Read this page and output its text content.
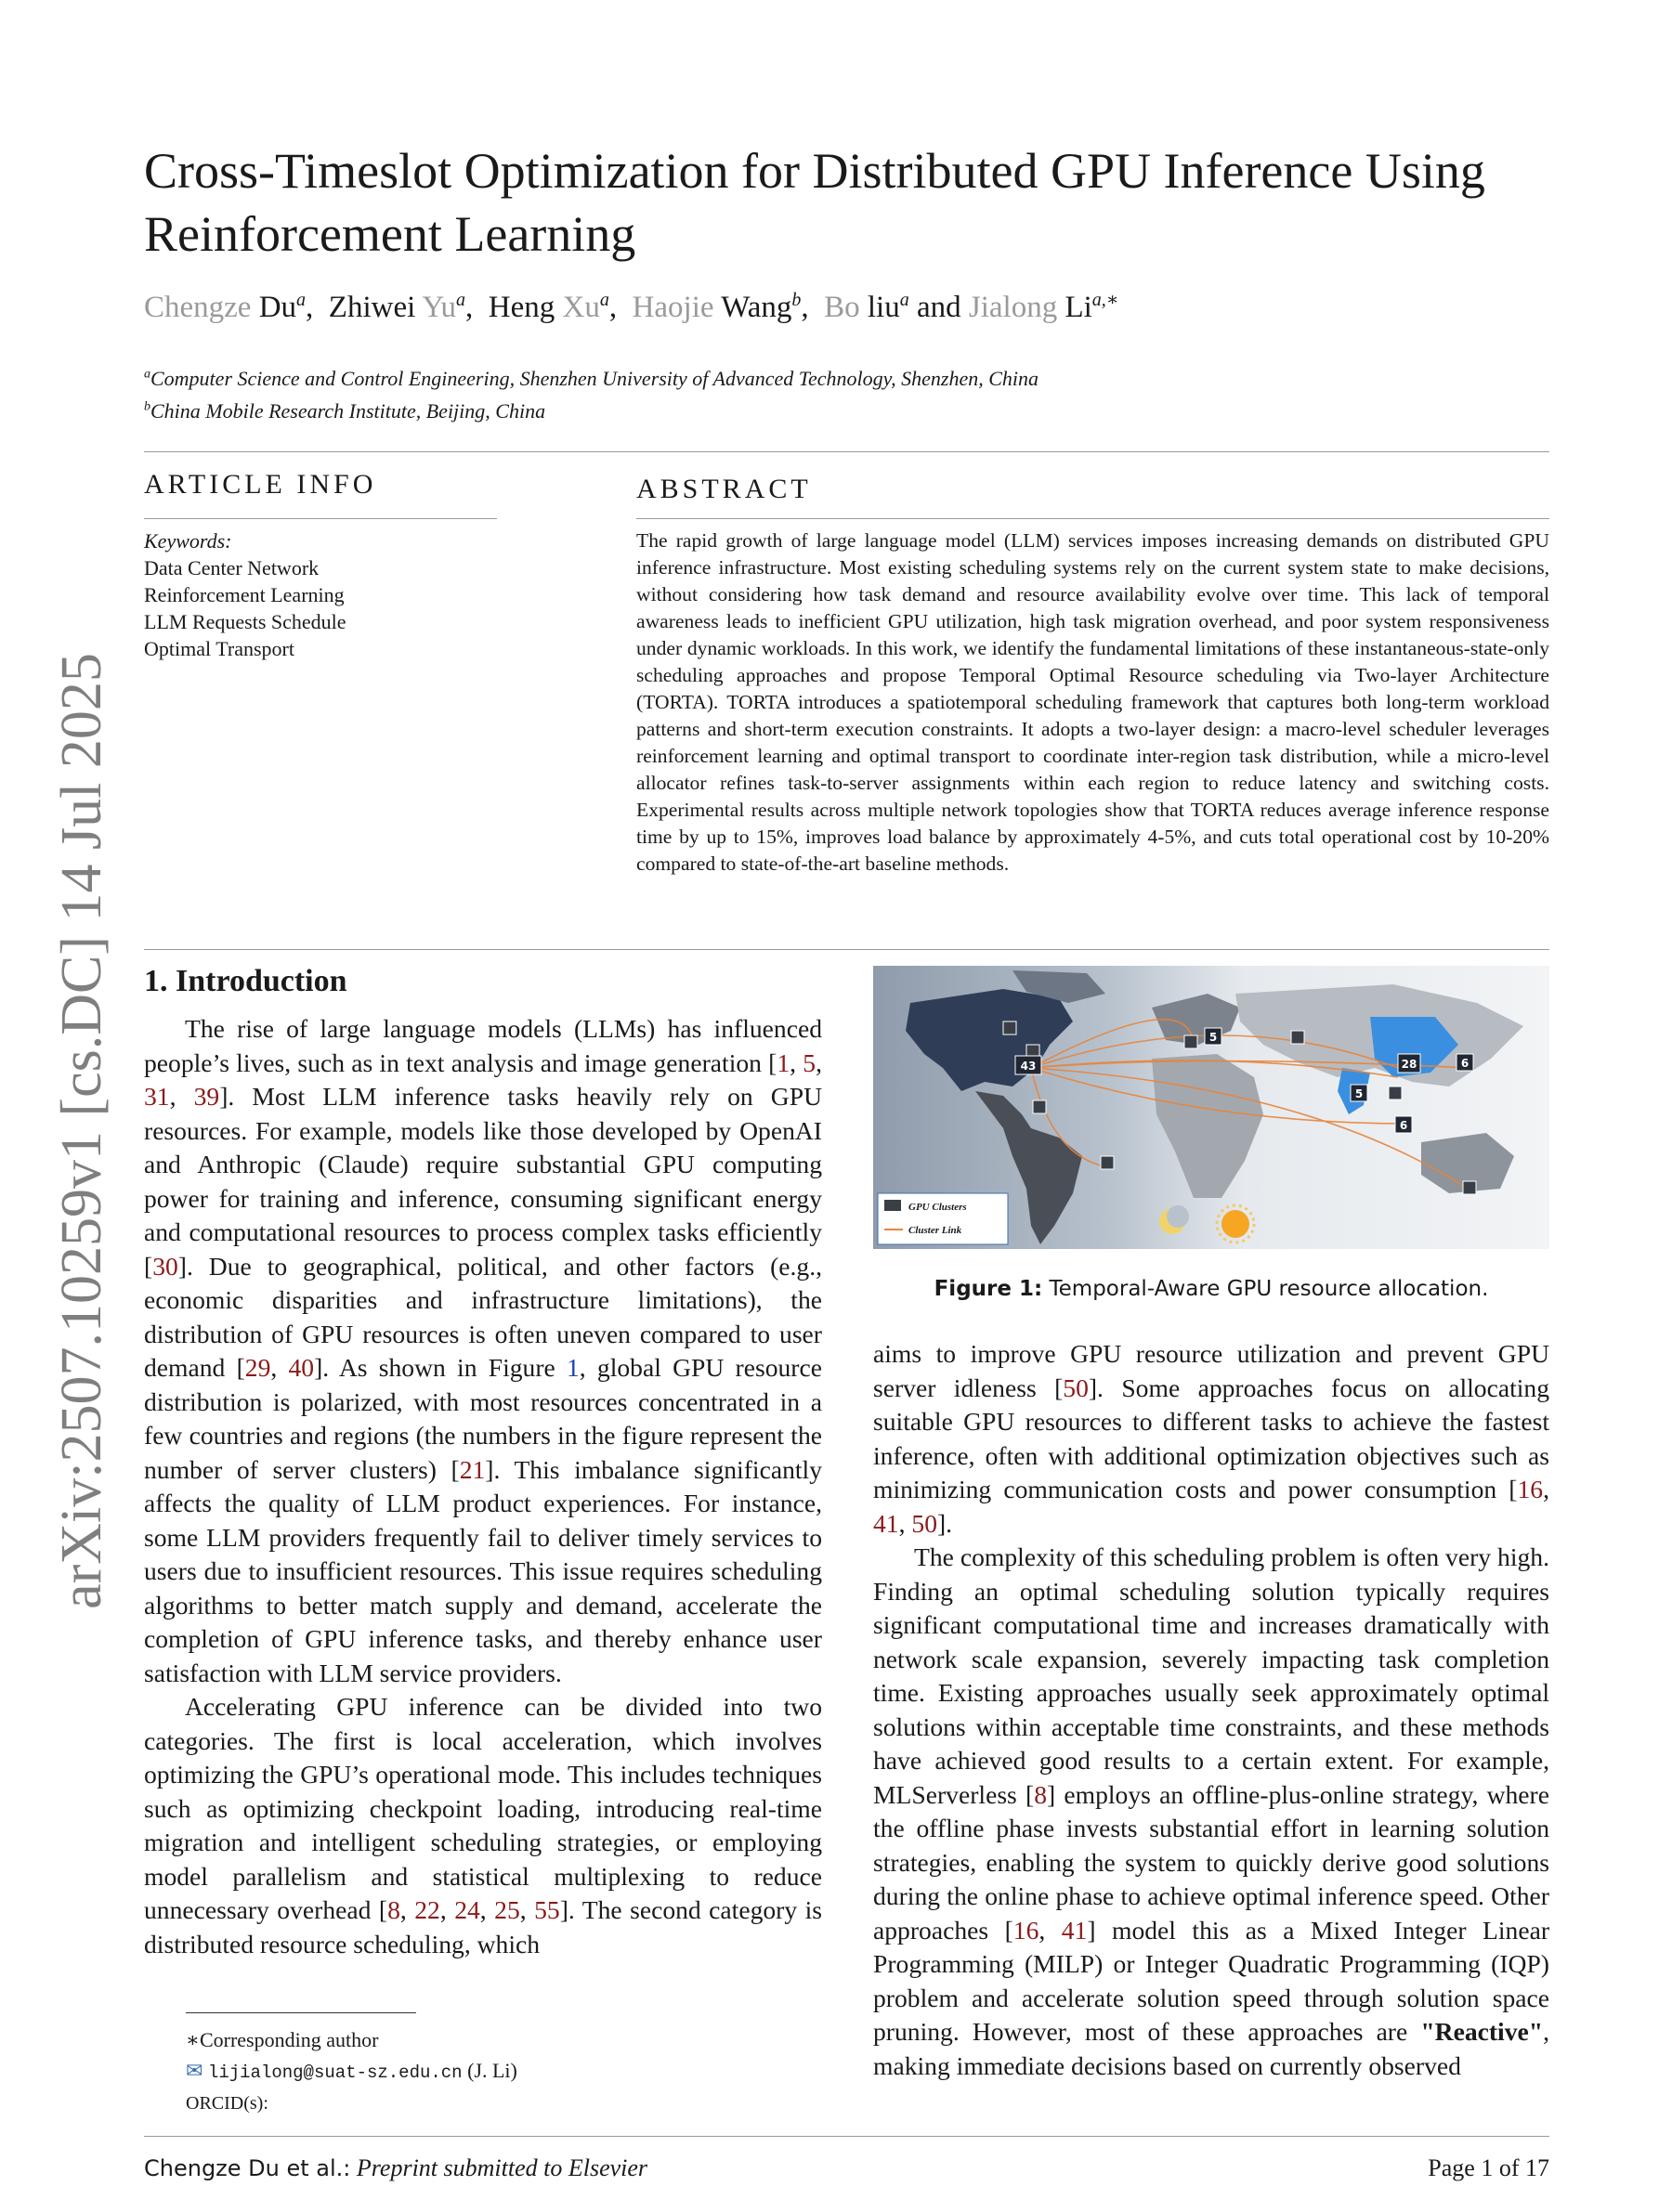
arXiv:2507.10259v1 [cs.DC] 14 Jul 2025
Cross-Timeslot Optimization for Distributed GPU Inference Using
Reinforcement Learning
Chengze Du$^a$,  Zhiwei Yu$^a$,  Heng Xu$^a$,  Haojie Wang$^b$,  Bo liu$^a$ and Jialong $Li^{a,∗}$
$^a$Computer Science and Control Engineering, Shenzhen University of Advanced Technology, Shenzhen, China
$^b$China Mobile Research Institute, Beijing, China
ARTICLE INFO	ABSTRACT
Keywords:
Data Center Network
Reinforcement Learning
LLM Requests Schedule
Optimal Transport
The rapid growth of large language model (LLM) services imposes increasing demands on distributed GPU inference infrastructure. Most existing scheduling systems rely on the current system state to make decisions, without considering how task demand and resource availability evolve over time. This lack of temporal awareness leads to inefficient GPU utilization, high task migration overhead, and poor system responsiveness under dynamic workloads. In this work, we identify the fundamental limitations of these instantaneous-state-only scheduling approaches and propose Temporal Optimal Resource scheduling via Two-layer Architecture (TORTA). TORTA introduces a spatiotemporal scheduling framework that captures both long-term workload patterns and short-term execution constraints. It adopts a two-layer design: a macro-level scheduler leverages reinforcement learning and optimal transport to coordinate inter-region task distribution, while a micro-level allocator refines task-to-server assignments within each region to reduce latency and switching costs. Experimental results across multiple network topologies show that TORTA reduces average inference response time by up to 15%, improves load balance by approximately 4-5%, and cuts total operational cost by 10-20% compared to state-of-the-art baseline methods.
1. Introduction

The rise of large language models (LLMs) has influenced people’s lives, such as in text analysis and image generation [1, 5, 31, 39]. Most LLM inference tasks heavily rely on GPU resources. For example, models like those developed by OpenAI and Anthropic (Claude) require substantial GPU computing power for training and inference, consuming significant energy and computational resources to process complex tasks efficiently [30]. Due to geographical, political, and other factors (e.g., economic disparities and infrastructure limitations), the distribution of GPU resources is often uneven compared to user demand [29, 40]. As shown in Figure 1, global GPU resource distribution is polarized, with most resources concentrated in a few countries and regions (the numbers in the figure represent the number of server clusters) [21]. This imbalance significantly affects the quality of LLM product experiences. For instance, some LLM providers frequently fail to deliver timely services to users due to insufficient resources. This issue requires scheduling algorithms to better match supply and demand, accelerate the completion of GPU inference tasks, and thereby enhance user satisfaction with LLM service providers.

Accelerating GPU inference can be divided into two categories. The first is local acceleration, which involves optimizing the GPU’s operational mode. This includes techniques such as optimizing checkpoint loading, introducing real-time migration and intelligent scheduling strategies, or employing model parallelism and statistical multiplexing to reduce unnecessary overhead [8, 22, 24, 25, 55]. The second category is distributed resource scheduling, which

43
5
28	6
5
6
GPU Clusters
Cluster Link
Figure 1: Temporal-Aware GPU resource allocation.

aims to improve GPU resource utilization and prevent GPU server idleness [50]. Some approaches focus on allocating suitable GPU resources to different tasks to achieve the fastest inference, often with additional optimization objectives such as minimizing communication costs and power consumption [16, 41, 50].

The complexity of this scheduling problem is often very high. Finding an optimal scheduling solution typically requires significant computational time and increases dramatically with network scale expansion, severely impacting task completion time. Existing approaches usually seek approximately optimal solutions within acceptable time constraints, and these methods have achieved good results to a certain extent. For example, MLServerless [8] employs an offline-plus-online strategy, where the offline phase invests substantial effort in learning solution strategies, enabling the system to quickly derive good solutions during the online phase to achieve optimal inference speed. Other approaches [16, 41] model this as a Mixed Integer Linear Programming (MILP) or Integer Quadratic Programming (IQP) problem and accelerate solution speed through solution space pruning. However, most of these approaches are "Reactive", making immediate decisions based on currently observed

∗Corresponding author
✉ lijialong@suat-sz.edu.cn (J. Li)
ORCID(s):
Chengze Du et al.: Preprint submitted to Elsevier	Page 1 of 17
